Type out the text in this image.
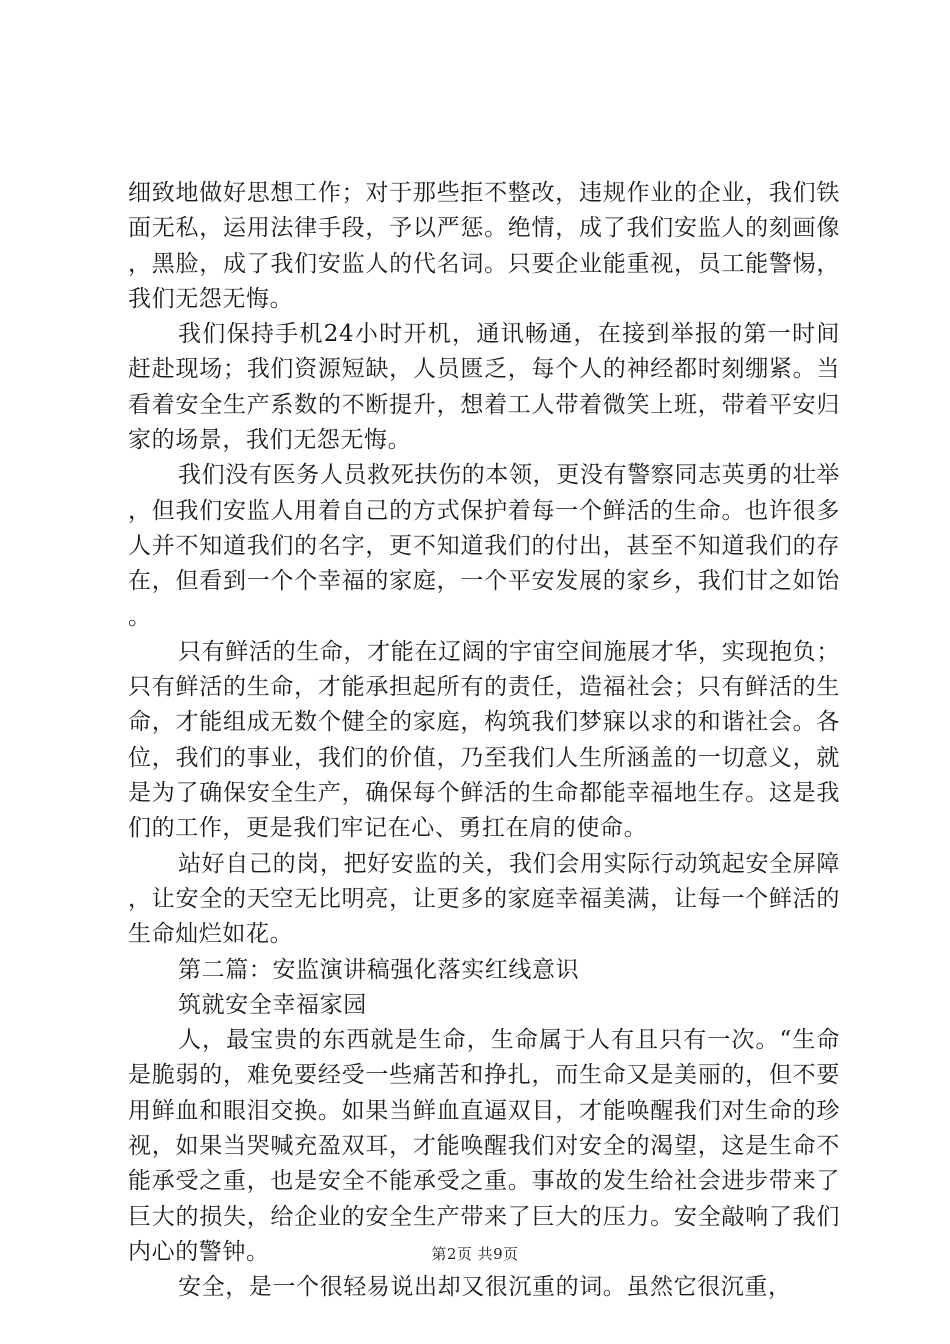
细致地做好思想工作；对于那些拒不整改，违规作业的企业，我们铁面无私，运用法律手段，予以严惩。绝情，成了我们安监人的刻画像，黑脸，成了我们安监人的代名词。只要企业能重视，员工能警惕，我们无怨无悔。

我们保持手机24小时开机，通讯畅通，在接到举报的第一时间赶赴现场；我们资源短缺，人员匮乏，每个人的神经都时刻绷紧。当看着安全生产系数的不断提升，想着工人带着微笑上班，带着平安归家的场景，我们无怨无悔。

我们没有医务人员救死扶伤的本领，更没有警察同志英勇的壮举，但我们安监人用着自己的方式保护着每一个鲜活的生命。也许很多人并不知道我们的名字，更不知道我们的付出，甚至不知道我们的存在，但看到一个个幸福的家庭，一个平安发展的家乡，我们甘之如饴。

只有鲜活的生命，才能在辽阔的宇宙空间施展才华，实现抱负；只有鲜活的生命，才能承担起所有的责任，造福社会；只有鲜活的生命，才能组成无数个健全的家庭，构筑我们梦寐以求的和谐社会。各位，我们的事业，我们的价值，乃至我们人生所涵盖的一切意义，就是为了确保安全生产，确保每个鲜活的生命都能幸福地生存。这是我们的工作，更是我们牢记在心、勇扛在肩的使命。

站好自己的岗，把好安监的关，我们会用实际行动筑起安全屏障，让安全的天空无比明亮，让更多的家庭幸福美满，让每一个鲜活的生命灿烂如花。

第二篇：安监演讲稿强化落实红线意识

筑就安全幸福家园

人，最宝贵的东西就是生命，生命属于人有且只有一次。“生命是脆弱的，难免要经受一些痛苦和挣扎，而生命又是美丽的，但不要用鲜血和眼泪交换。如果当鲜血直逼双目，才能唤醒我们对生命的珍视，如果当哭喊充盈双耳，才能唤醒我们对安全的渴望，这是生命不能承受之重，也是安全不能承受之重。事故的发生给社会进步带来了巨大的损失，给企业的安全生产带来了巨大的压力。安全敲响了我们内心的警钟。

安全，是一个很轻易说出却又很沉重的词。虽然它很沉重，

第2页 共9页
